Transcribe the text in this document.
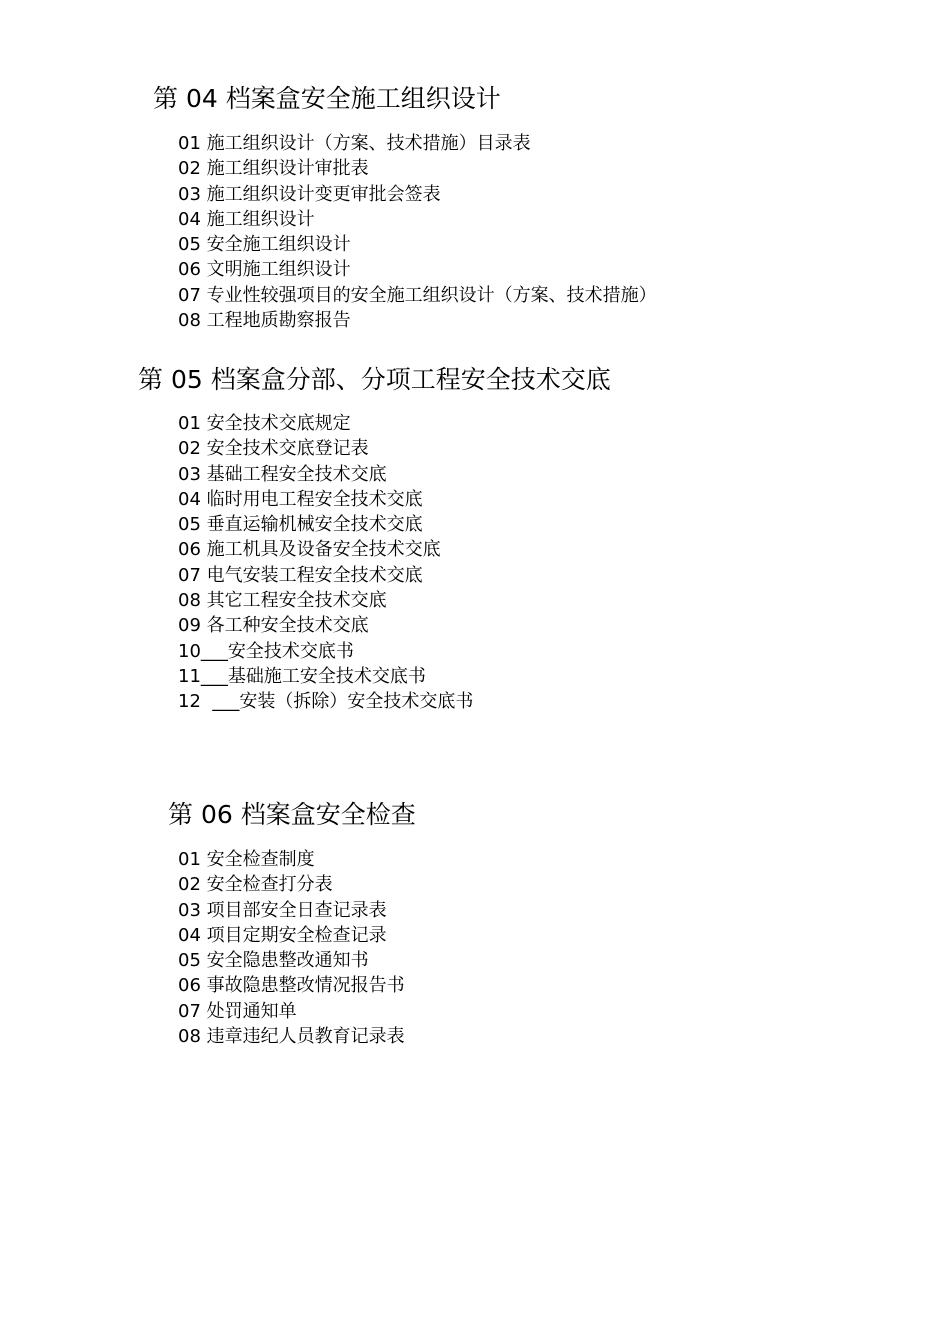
第 04 档案盒安全施工组织设计
01 施工组织设计（方案、技术措施）目录表
02 施工组织设计审批表
03 施工组织设计变更审批会签表
04 施工组织设计
05 安全施工组织设计
06 文明施工组织设计
07 专业性较强项目的安全施工组织设计（方案、技术措施）
08 工程地质勘察报告
第 05 档案盒分部、分项工程安全技术交底
01 安全技术交底规定
02 安全技术交底登记表
03 基础工程安全技术交底
04 临时用电工程安全技术交底
05 垂直运输机械安全技术交底
06 施工机具及设备安全技术交底
07 电气安装工程安全技术交底
08 其它工程安全技术交底
09 各工种安全技术交底
10___安全技术交底书
11___基础施工安全技术交底书
12  ___安装（拆除）安全技术交底书
第 06 档案盒安全检查
01 安全检查制度
02 安全检查打分表
03 项目部安全日查记录表
04 项目定期安全检查记录
05 安全隐患整改通知书
06 事故隐患整改情况报告书
07 处罚通知单
08 违章违纪人员教育记录表
